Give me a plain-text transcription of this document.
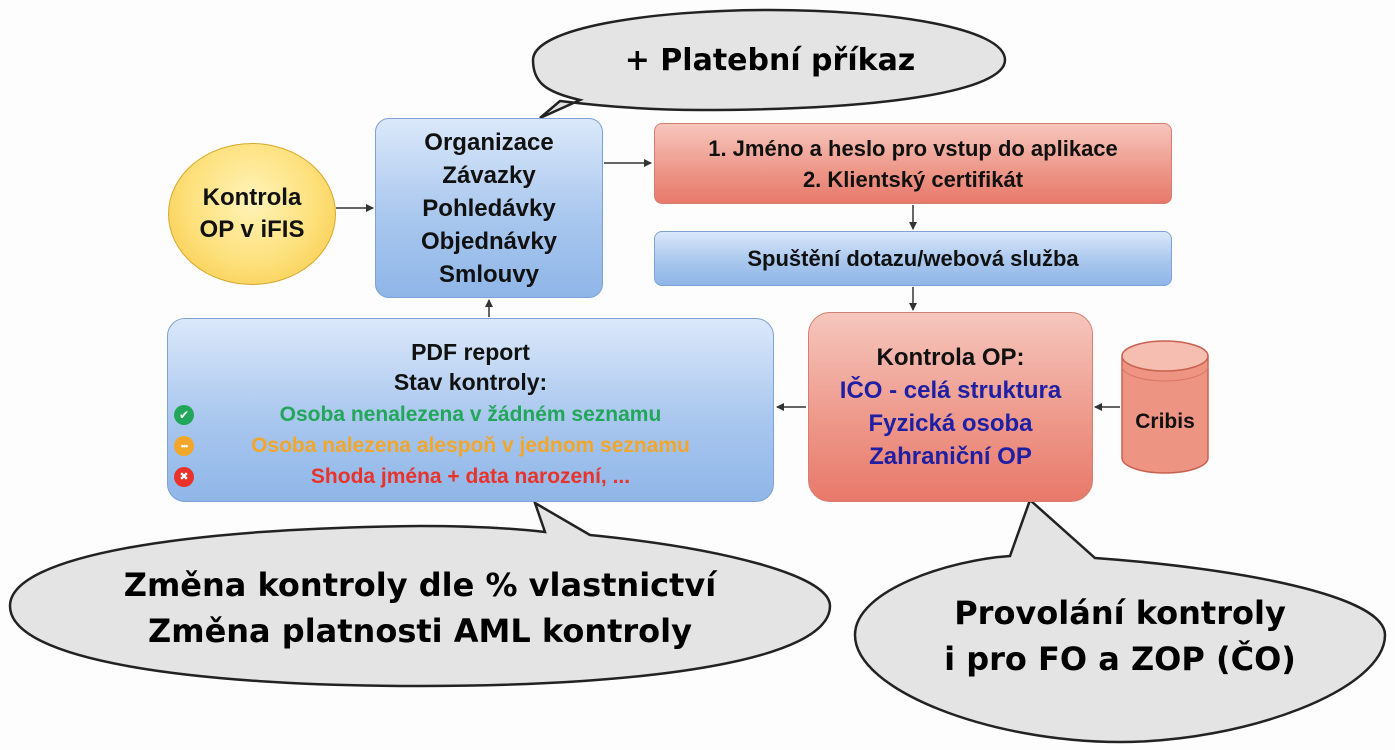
+ Platební příkaz
Změna kontroly dle % vlastnictví
Změna platnosti AML kontroly	Provolání kontroly
i pro FO a ZOP (ČO)
Kontrola
OP v iFIS
Organizace
Závazky
Pohledávky
Objednávky
Smlouvy
1. Jméno a heslo pro vstup do aplikace
2. Klientský certifikát
Spuštění dotazu/webová služba
Kontrola OP:
IČO - celá struktura
Fyzická osoba
Zahraniční OP
Cribis
PDF report
Stav kontroly:
✔	Osoba nenalezena v žádném seznamu
•••	Osoba nalezena alespoň v jednom seznamu
✖	Shoda jména + data narození, ...
